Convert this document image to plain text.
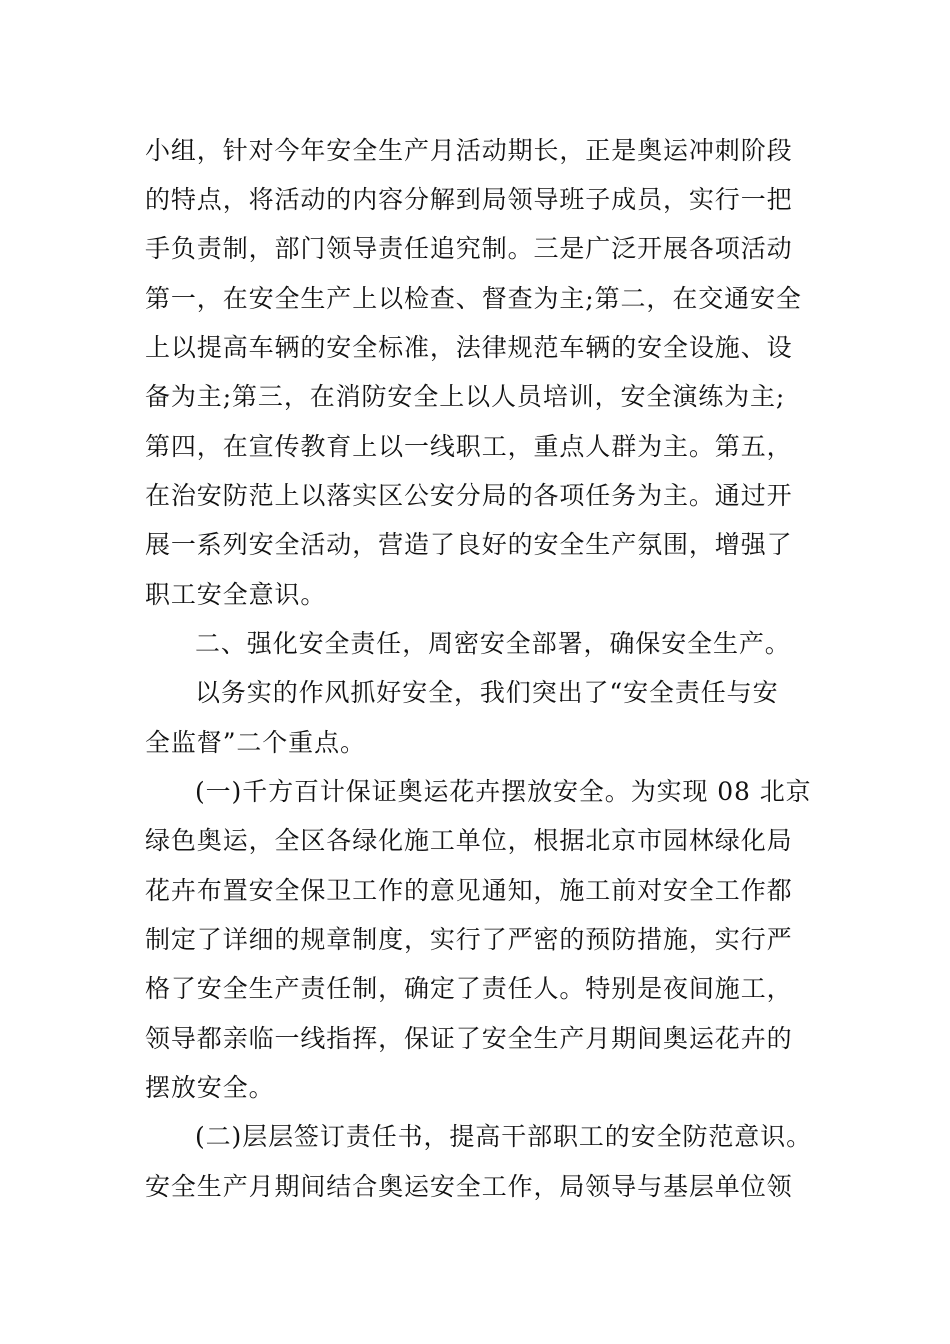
小组，针对今年安全生产月活动期长，正是奥运冲刺阶段
的特点，将活动的内容分解到局领导班子成员，实行一把
手负责制，部门领导责任追究制。三是广泛开展各项活动
第一，在安全生产上以检查、督查为主;第二，在交通安全
上以提高车辆的安全标准，法律规范车辆的安全设施、设
备为主;第三，在消防安全上以人员培训，安全演练为主;
第四，在宣传教育上以一线职工，重点人群为主。第五，
在治安防范上以落实区公安分局的各项任务为主。通过开
展一系列安全活动，营造了良好的安全生产氛围，增强了
职工安全意识。
二、强化安全责任，周密安全部署，确保安全生产。
以务实的作风抓好安全，我们突出了“安全责任与安
全监督”二个重点。
(一)千方百计保证奥运花卉摆放安全。为实现 08 北京
绿色奥运，全区各绿化施工单位，根据北京市园林绿化局
花卉布置安全保卫工作的意见通知，施工前对安全工作都
制定了详细的规章制度，实行了严密的预防措施，实行严
格了安全生产责任制，确定了责任人。特别是夜间施工，
领导都亲临一线指挥，保证了安全生产月期间奥运花卉的
摆放安全。
(二)层层签订责任书，提高干部职工的安全防范意识。
安全生产月期间结合奥运安全工作，局领导与基层单位领
